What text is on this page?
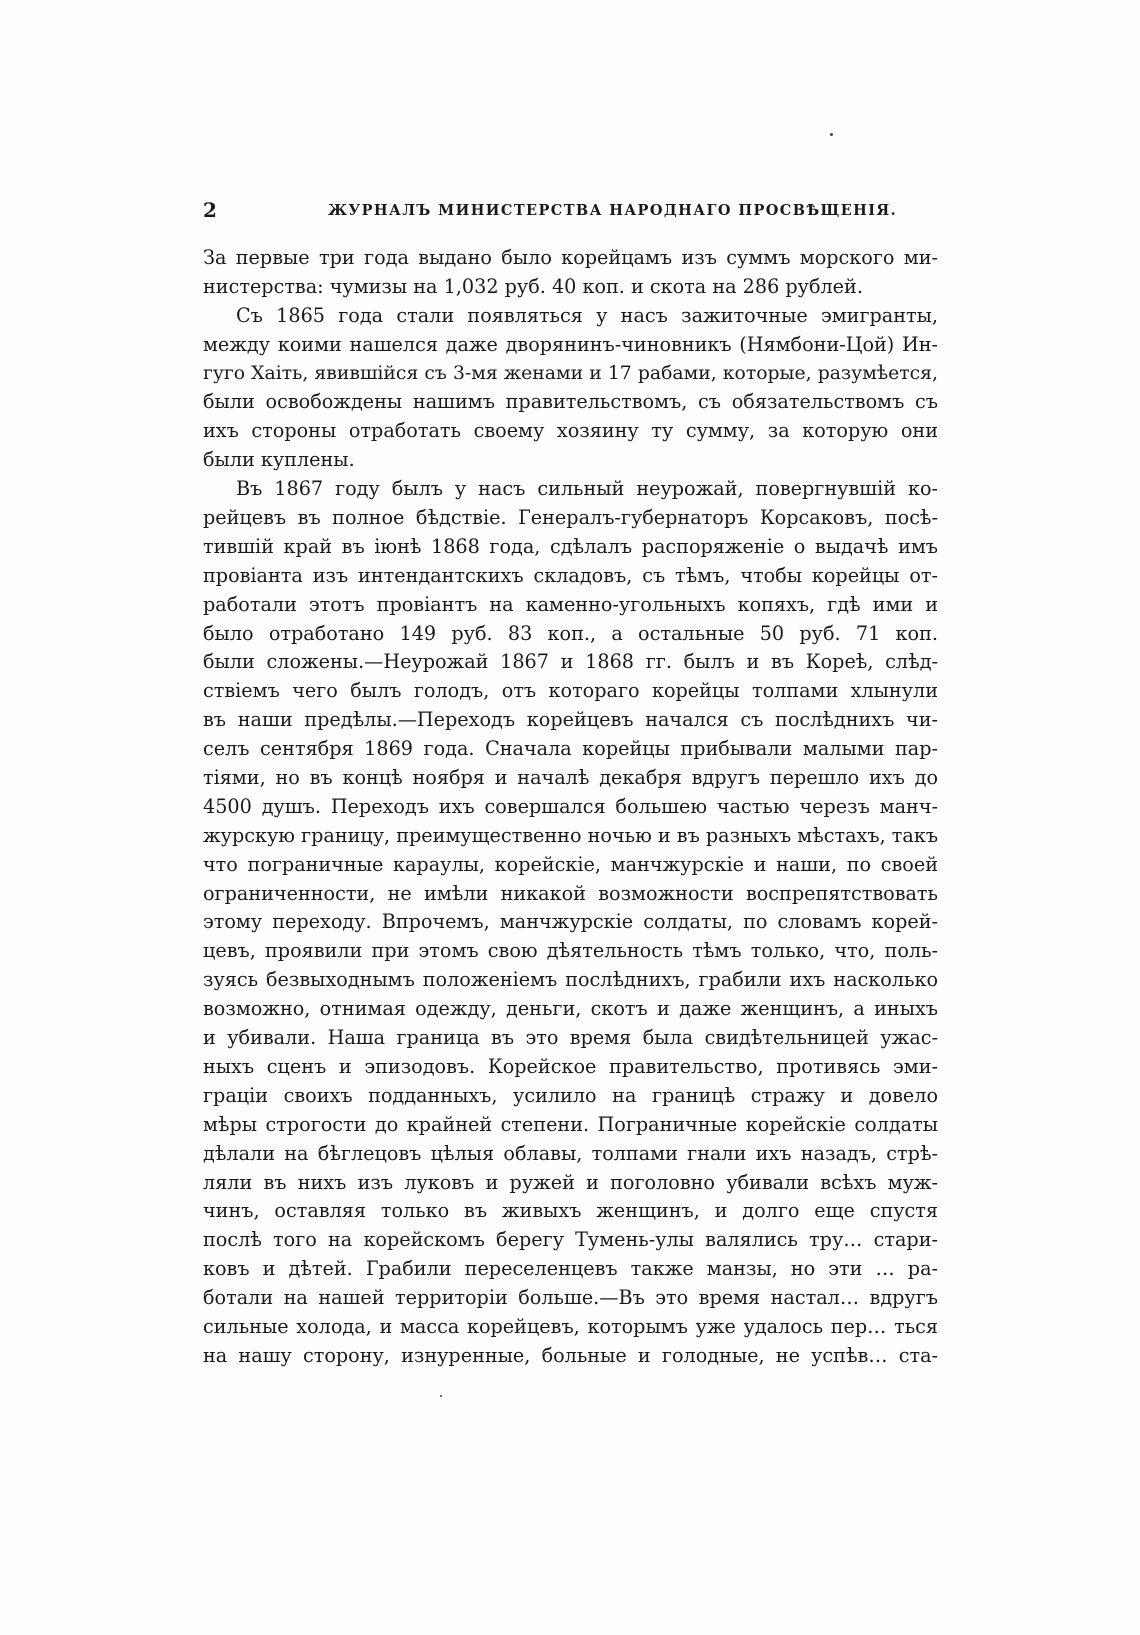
2	ЖУРНАЛЪ МИНИСТЕРСТВА НАРОДНАГО ПРОСВѢЩЕНІЯ.
За первые три года выдано было корейцамъ изъ суммъ морского ми-
нистерства: чумизы на 1,032 руб. 40 коп. и скота на 286 рублей.
Съ 1865 года стали появляться у насъ зажиточные эмигранты,
между коими нашелся даже дворянинъ-чиновникъ (Нямбони-Цой) Ин-
гуго Хаіть, явившійся съ 3-мя женами и 17 рабами, которые, разумѣется,
были освобождены нашимъ правительствомъ, съ обязательствомъ съ
ихъ стороны отработать своему хозяину ту сумму, за которую они
были куплены.
Въ 1867 году былъ у насъ сильный неурожай, повергнувшій ко-
рейцевъ въ полное бѣдствіе. Генералъ-губернаторъ Корсаковъ, посѣ-
тившій край въ іюнѣ 1868 года, сдѣлалъ распоряженіе о выдачѣ имъ
провіанта изъ интендантскихъ складовъ, съ тѣмъ, чтобы корейцы от-
работали этотъ провіантъ на каменно-угольныхъ копяхъ, гдѣ ими и
было отработано 149 руб. 83 коп., а остальные 50 руб. 71 коп.
были сложены.—Неурожай 1867 и 1868 гг. былъ и въ Кореѣ, слѣд-
ствіемъ чего былъ голодъ, отъ котораго корейцы толпами хлынули
въ наши предѣлы.—Переходъ корейцевъ начался съ послѣднихъ чи-
селъ сентября 1869 года. Сначала корейцы прибывали малыми пар-
тіями, но въ концѣ ноября и началѣ декабря вдругъ перешло ихъ до
4500 душъ. Переходъ ихъ совершался большею частью черезъ манч-
журскую границу, преимущественно ночью и въ разныхъ мѣстахъ, такъ
что пограничные караулы, корейскіе, манчжурскіе и наши, по своей
ограниченности, не имѣли никакой возможности воспрепятствовать
этому переходу. Впрочемъ, манчжурскіе солдаты, по словамъ корей-
цевъ, проявили при этомъ свою дѣятельность тѣмъ только, что, поль-
зуясь безвыходнымъ положеніемъ послѣднихъ, грабили ихъ насколько
возможно, отнимая одежду, деньги, скотъ и даже женщинъ, а иныхъ
и убивали. Наша граница въ это время была свидѣтельницей ужас-
ныхъ сценъ и эпизодовъ. Корейское правительство, противясь эми-
граціи своихъ подданныхъ, усилило на границѣ стражу и довело
мѣры строгости до крайней степени. Пограничные корейскіе солдаты
дѣлали на бѣглецовъ цѣлыя облавы, толпами гнали ихъ назадъ, стрѣ-
ляли въ нихъ изъ луковъ и ружей и поголовно убивали всѣхъ муж-
чинъ, оставляя только въ живыхъ женщинъ, и долго еще спустя
послѣ того на корейскомъ берегу Тумень-улы валялись тру… стари-
ковъ и дѣтей. Грабили переселенцевъ также манзы, но эти … ра-
ботали на нашей территоріи больше.—Въ это время настал… вдругъ
сильные холода, и масса корейцевъ, которымъ уже удалось пер… ться
на нашу сторону, изнуренные, больные и голодные, не успѣв… ста-
